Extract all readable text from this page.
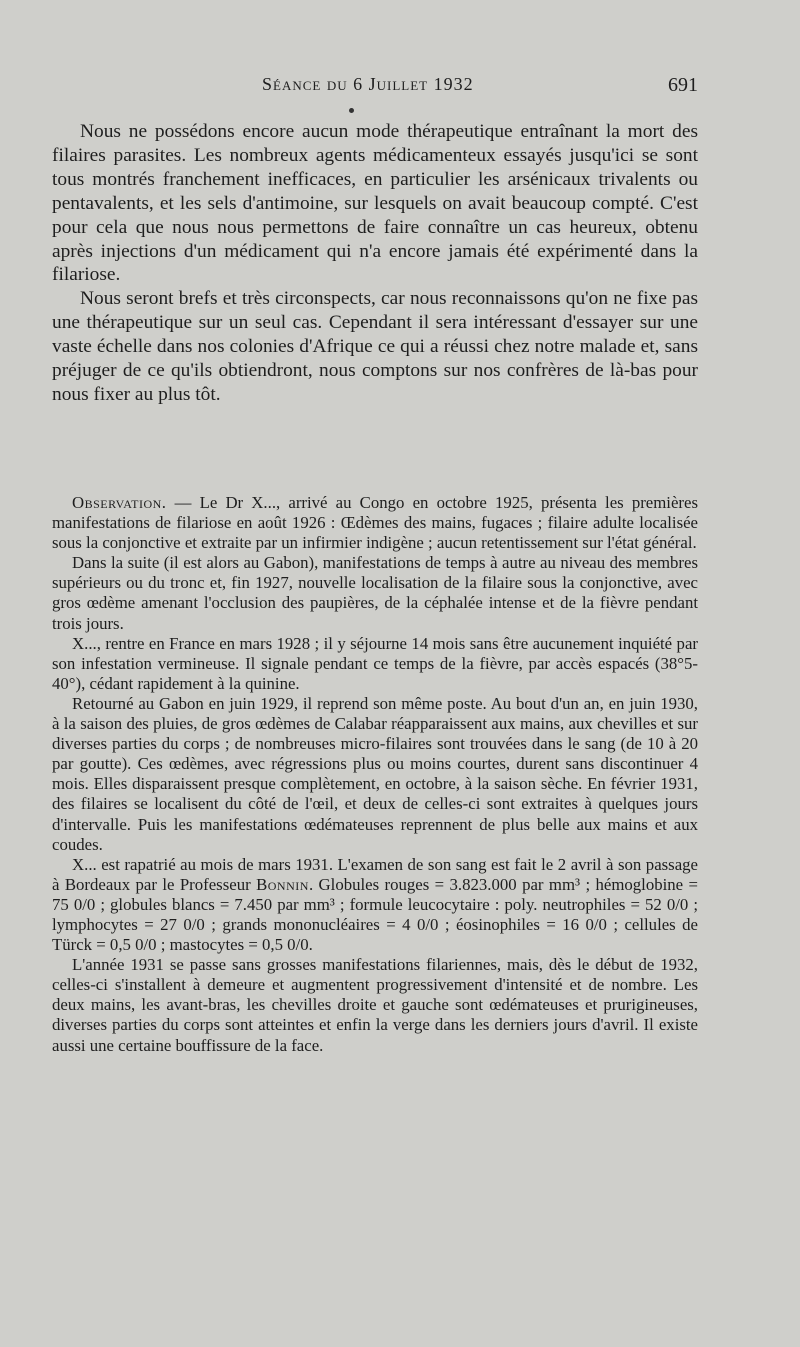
Séance du 6 Juillet 1932	691

Nous ne possédons encore aucun mode thérapeutique entraînant la mort des filaires parasites. Les nombreux agents médicamenteux essayés jusqu'ici se sont tous montrés franchement inefficaces, en particulier les arsénicaux trivalents ou pentavalents, et les sels d'antimoine, sur lesquels on avait beaucoup compté. C'est pour cela que nous nous permettons de faire connaître un cas heureux, obtenu après injections d'un médicament qui n'a encore jamais été expérimenté dans la filariose.

Nous seront brefs et très circonspects, car nous reconnaissons qu'on ne fixe pas une thérapeutique sur un seul cas. Cependant il sera intéressant d'essayer sur une vaste échelle dans nos colonies d'Afrique ce qui a réussi chez notre malade et, sans préjuger de ce qu'ils obtiendront, nous comptons sur nos confrères de là-bas pour nous fixer au plus tôt.

Observation. — Le Dr X..., arrivé au Congo en octobre 1925, présenta les premières manifestations de filariose en août 1926 : Œdèmes des mains, fugaces ; filaire adulte localisée sous la conjonctive et extraite par un infirmier indigène ; aucun retentissement sur l'état général.

Dans la suite (il est alors au Gabon), manifestations de temps à autre au niveau des membres supérieurs ou du tronc et, fin 1927, nouvelle localisation de la filaire sous la conjonctive, avec gros œdème amenant l'occlusion des paupières, de la céphalée intense et de la fièvre pendant trois jours.

X..., rentre en France en mars 1928 ; il y séjourne 14 mois sans être aucunement inquiété par son infestation vermineuse. Il signale pendant ce temps de la fièvre, par accès espacés (38°5-40°), cédant rapidement à la quinine.

Retourné au Gabon en juin 1929, il reprend son même poste. Au bout d'un an, en juin 1930, à la saison des pluies, de gros œdèmes de Calabar réapparaissent aux mains, aux chevilles et sur diverses parties du corps ; de nombreuses micro-filaires sont trouvées dans le sang (de 10 à 20 par goutte). Ces œdèmes, avec régressions plus ou moins courtes, durent sans discontinuer 4 mois. Elles disparaissent presque complètement, en octobre, à la saison sèche. En février 1931, des filaires se localisent du côté de l'œil, et deux de celles-ci sont extraites à quelques jours d'intervalle. Puis les manifestations œdémateuses reprennent de plus belle aux mains et aux coudes.

X... est rapatrié au mois de mars 1931. L'examen de son sang est fait le 2 avril à son passage à Bordeaux par le Professeur Bonnin. Globules rouges = 3.823.000 par mm³ ; hémoglobine = 75 0/0 ; globules blancs = 7.450 par mm³ ; formule leucocytaire : poly. neutrophiles = 52 0/0 ; lymphocytes = 27 0/0 ; grands mononucléaires = 4 0/0 ; éosinophiles = 16 0/0 ; cellules de Türck = 0,5 0/0 ; mastocytes = 0,5 0/0.

L'année 1931 se passe sans grosses manifestations filariennes, mais, dès le début de 1932, celles-ci s'installent à demeure et augmentent progressivement d'intensité et de nombre. Les deux mains, les avant-bras, les chevilles droite et gauche sont œdémateuses et prurigineuses, diverses parties du corps sont atteintes et enfin la verge dans les derniers jours d'avril. Il existe aussi une certaine bouffissure de la face.
